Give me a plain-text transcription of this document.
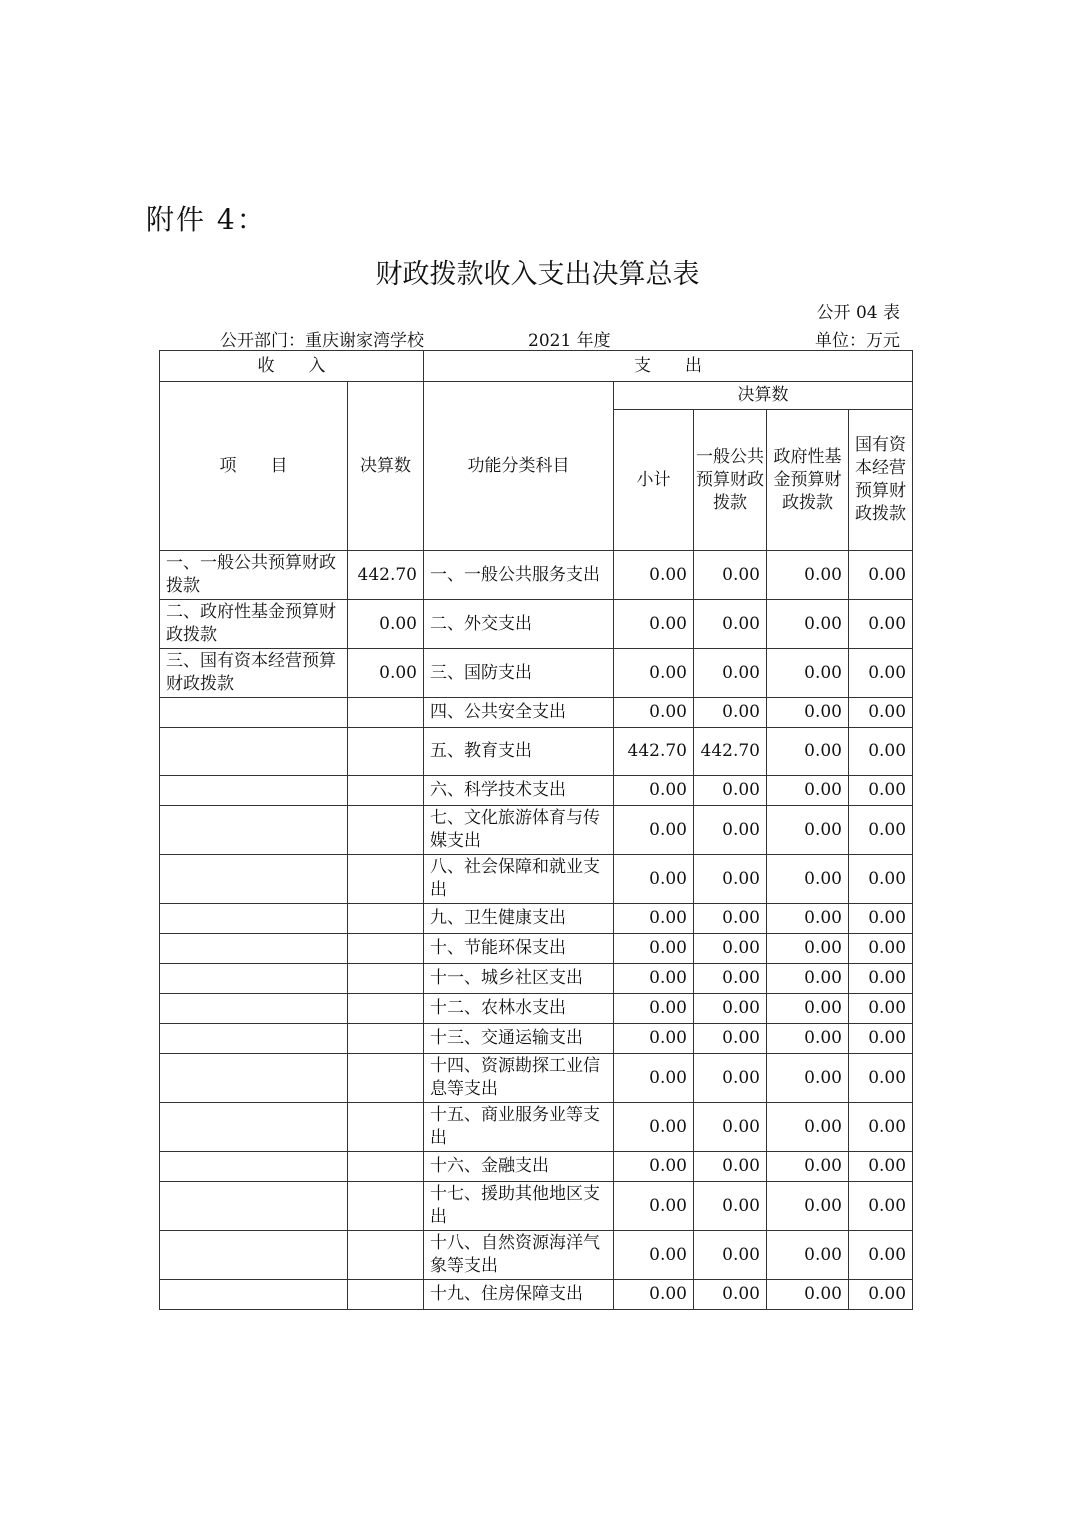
附件 4：
财政拨款收入支出决算总表
公开 04 表
公开部门：重庆谢家湾学校	2021 年度	单位：万元
收　　入		支　　出				
项　　目	决算数	功能分类科目	决算数			
			小计	一般公共预算财政拨款	政府性基金预算财政拨款	国有资本经营预算财政拨款
一、一般公共预算财政拨款	442.70	一、一般公共服务支出	0.00	0.00	0.00	0.00
二、政府性基金预算财政拨款	0.00	二、外交支出	0.00	0.00	0.00	0.00
三、国有资本经营预算财政拨款	0.00	三、国防支出	0.00	0.00	0.00	0.00
		四、公共安全支出	0.00	0.00	0.00	0.00
		五、教育支出	442.70	442.70	0.00	0.00
		六、科学技术支出	0.00	0.00	0.00	0.00
		七、文化旅游体育与传媒支出	0.00	0.00	0.00	0.00
		八、社会保障和就业支出	0.00	0.00	0.00	0.00
		九、卫生健康支出	0.00	0.00	0.00	0.00
		十、节能环保支出	0.00	0.00	0.00	0.00
		十一、城乡社区支出	0.00	0.00	0.00	0.00
		十二、农林水支出	0.00	0.00	0.00	0.00
		十三、交通运输支出	0.00	0.00	0.00	0.00
		十四、资源勘探工业信息等支出	0.00	0.00	0.00	0.00
		十五、商业服务业等支出	0.00	0.00	0.00	0.00
		十六、金融支出	0.00	0.00	0.00	0.00
		十七、援助其他地区支出	0.00	0.00	0.00	0.00
		十八、自然资源海洋气象等支出	0.00	0.00	0.00	0.00
		十九、住房保障支出	0.00	0.00	0.00	0.00
